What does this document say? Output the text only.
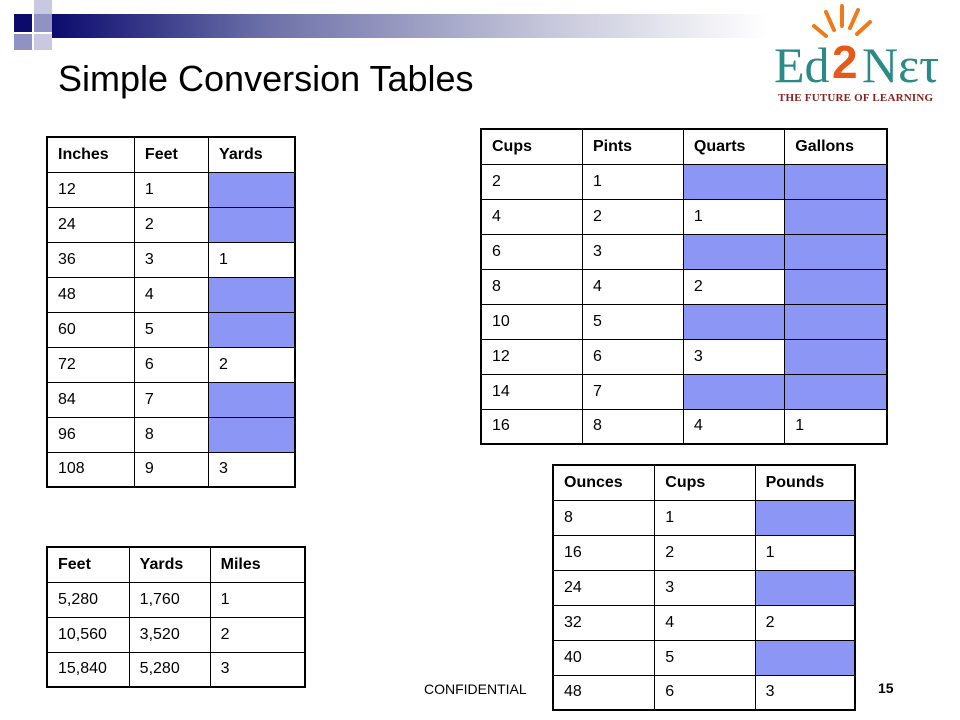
Simple Conversion Tables	Ed 2 Nετ
THE FUTURE OF LEARNING
Inches	Feet	Yards
12	1	
24	2	
36	3	1
48	4	
60	5	
72	6	2
84	7	
96	8	
108	9	3
Cups	Pints	Quarts	Gallons
2	1		
4	2	1	
6	3		
8	4	2	
10	5		
12	6	3	
14	7		
16	8	4	1
Feet	Yards	Miles
5,280	1,760	1
10,560	3,520	2
15,840	5,280	3
Ounces	Cups	Pounds
8	1	
16	2	1
24	3	
32	4	2
40	5	
48	6	3
CONFIDENTIAL	15
